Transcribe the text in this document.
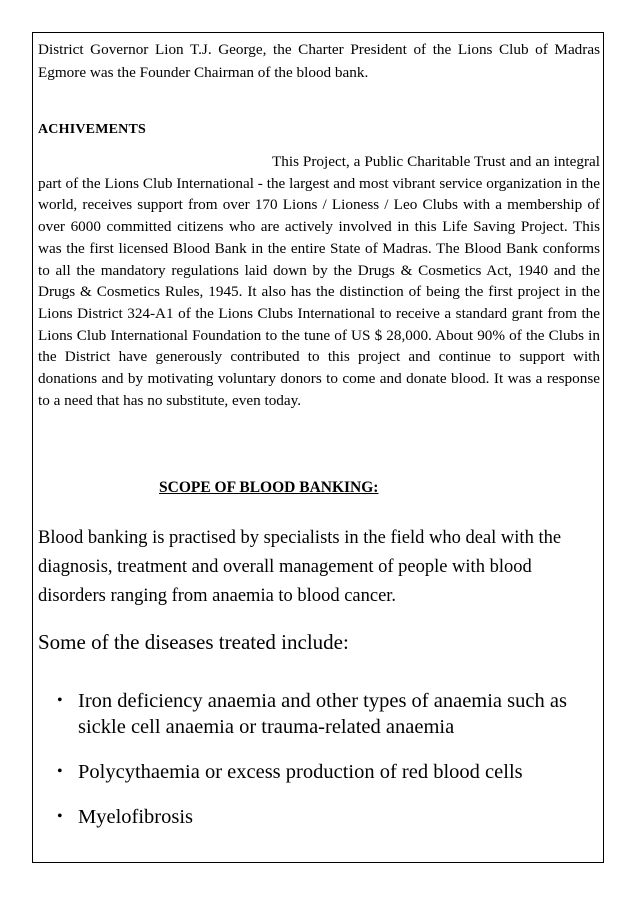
District Governor Lion T.J. George, the Charter President of the Lions Club of Madras Egmore was the Founder Chairman of the blood bank.

ACHIVEMENTS

This Project, a Public Charitable Trust and an integral part of the Lions Club International - the largest and most vibrant service organization in the world, receives support from over 170 Lions / Lioness / Leo Clubs with a membership of over 6000 committed citizens who are actively involved in this Life Saving Project. This was the first licensed Blood Bank in the entire State of Madras. The Blood Bank conforms to all the mandatory regulations laid down by the Drugs & Cosmetics Act, 1940 and the Drugs & Cosmetics Rules, 1945. It also has the distinction of being the first project in the Lions District 324-A1 of the Lions Clubs International to receive a standard grant from the Lions Club International Foundation to the tune of US $ 28,000. About 90% of the Clubs in the District have generously contributed to this project and continue to support with donations and by motivating voluntary donors to come and donate blood. It was a response to a need that has no substitute, even today.

SCOPE OF BLOOD BANKING:

Blood banking is practised by specialists in the field who deal with the diagnosis, treatment and overall management of people with blood disorders ranging from anaemia to blood cancer.

Some of the diseases treated include:
• Iron deficiency anaemia and other types of anaemia such as sickle cell anaemia or trauma-related anaemia
• Polycythaemia or excess production of red blood cells
• Myelofibrosis
